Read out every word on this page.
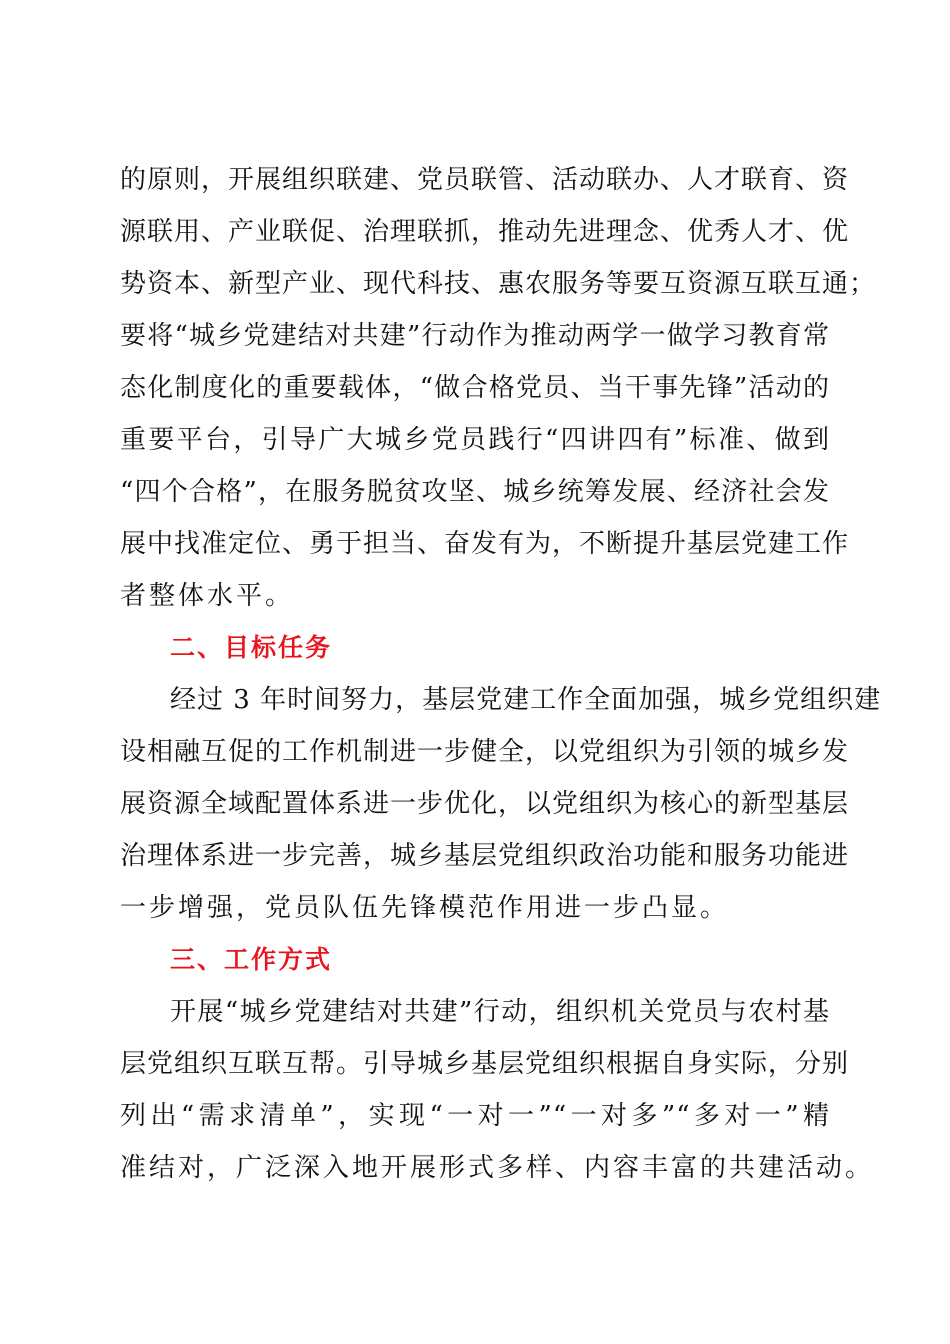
的原则，开展组织联建、党员联管、活动联办、人才联育、资
源联用、产业联促、治理联抓，推动先进理念、优秀人才、优
势资本、新型产业、现代科技、惠农服务等要互资源互联互通；
要将“城乡党建结对共建”行动作为推动两学一做学习教育常
态化制度化的重要载体，“做合格党员、当干事先锋”活动的
重要平台，引导广大城乡党员践行“四讲四有”标准、做到
“四个合格”，在服务脱贫攻坚、城乡统筹发展、经济社会发
展中找准定位、勇于担当、奋发有为，不断提升基层党建工作
者整体水平。
二、目标任务
经过 3 年时间努力，基层党建工作全面加强，城乡党组织建
设相融互促的工作机制进一步健全，以党组织为引领的城乡发
展资源全域配置体系进一步优化，以党组织为核心的新型基层
治理体系进一步完善，城乡基层党组织政治功能和服务功能进
一步增强，党员队伍先锋模范作用进一步凸显。
三、工作方式
开展“城乡党建结对共建”行动，组织机关党员与农村基
层党组织互联互帮。引导城乡基层党组织根据自身实际，分别
列出“需求清单”，实现“一对一”“一对多”“多对一”精
准结对，广泛深入地开展形式多样、内容丰富的共建活动。
